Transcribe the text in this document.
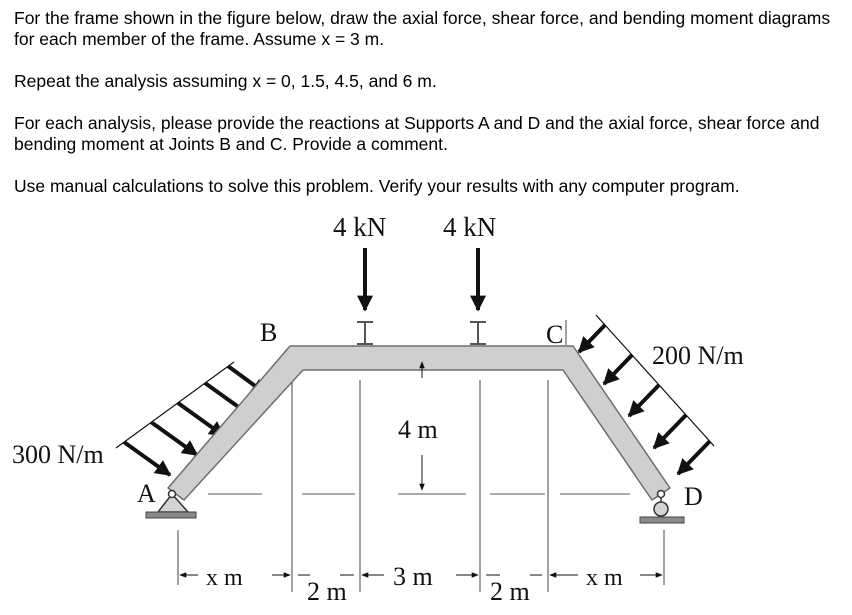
For the frame shown in the figure below, draw the axial force, shear force, and bending moment diagrams for each member of the frame. Assume x = 3 m.

Repeat the analysis assuming x = 0, 1.5, 4.5, and 6 m.

For each analysis, please provide the reactions at Supports A and D and the axial force, shear force and bending moment at Joints B and C. Provide a comment.

Use manual calculations to solve this problem. Verify your results with any computer program.

4 kN 4 kN
B	C
A	D
300 N/m
200 N/m
4 m
x m 2 m
3 m
2 m x m
